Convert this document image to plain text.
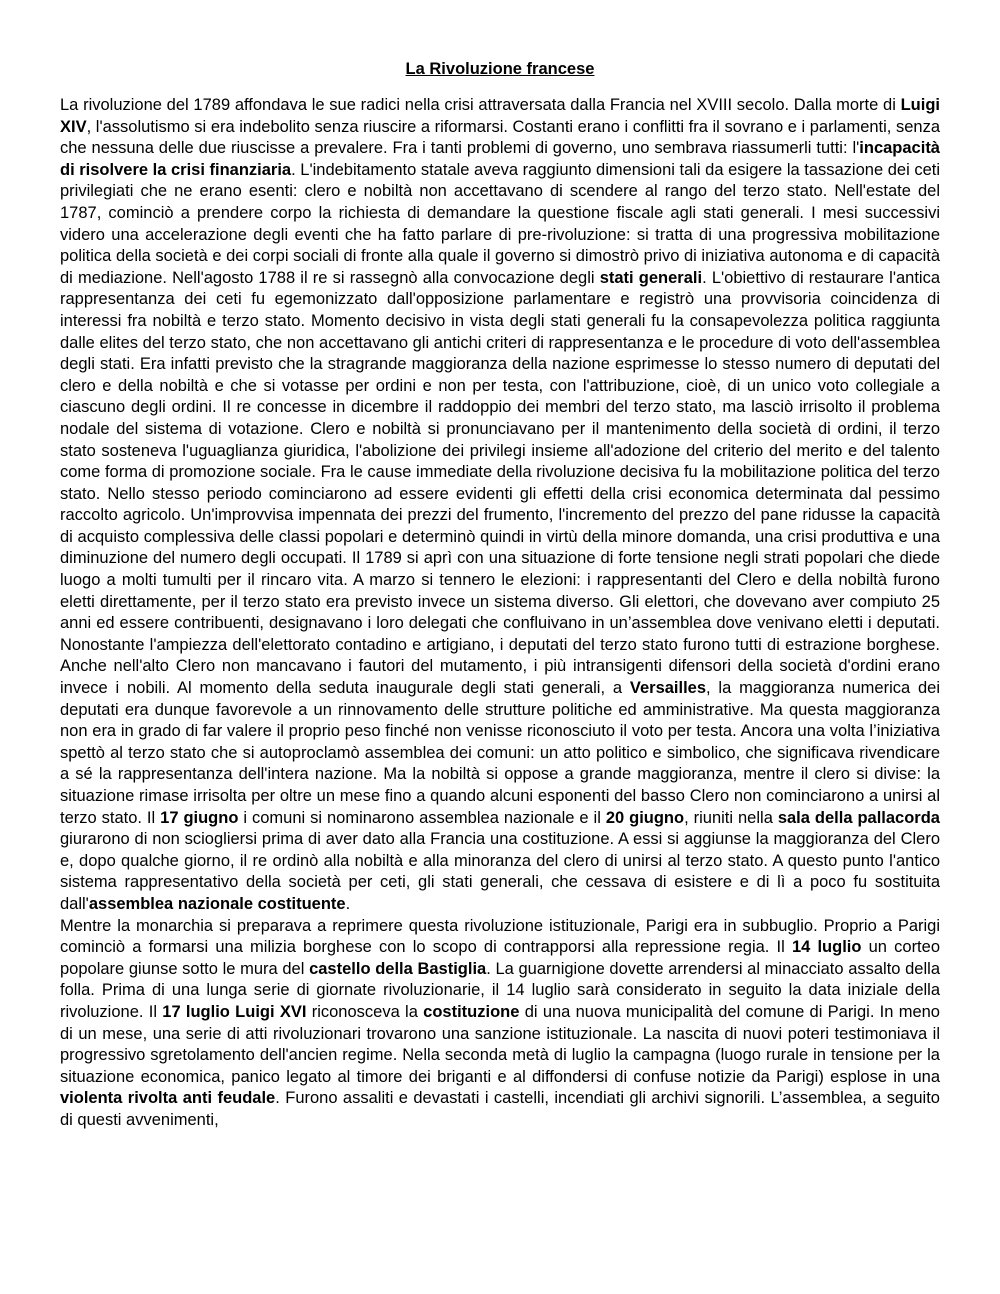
La Rivoluzione francese

La rivoluzione del 1789 affondava le sue radici nella crisi attraversata dalla Francia nel XVIII secolo. Dalla morte di Luigi XIV, l'assolutismo si era indebolito senza riuscire a riformarsi. Costanti erano i conflitti fra il sovrano e i parlamenti, senza che nessuna delle due riuscisse a prevalere. Fra i tanti problemi di governo, uno sembrava riassumerli tutti: l'incapacità di risolvere la crisi finanziaria. L'indebitamento statale aveva raggiunto dimensioni tali da esigere la tassazione dei ceti privilegiati che ne erano esenti: clero e nobiltà non accettavano di scendere al rango del terzo stato. Nell'estate del 1787, cominciò a prendere corpo la richiesta di demandare la questione fiscale agli stati generali. I mesi successivi videro una accelerazione degli eventi che ha fatto parlare di pre-rivoluzione: si tratta di una progressiva mobilitazione politica della società e dei corpi sociali di fronte alla quale il governo si dimostrò privo di iniziativa autonoma e di capacità di mediazione. Nell'agosto 1788 il re si rassegnò alla convocazione degli stati generali. L'obiettivo di restaurare l'antica rappresentanza dei ceti fu egemonizzato dall'opposizione parlamentare e registrò una provvisoria coincidenza di interessi fra nobiltà e terzo stato. Momento decisivo in vista degli stati generali fu la consapevolezza politica raggiunta dalle elites del terzo stato, che non accettavano gli antichi criteri di rappresentanza e le procedure di voto dell'assemblea degli stati. Era infatti previsto che la stragrande maggioranza della nazione esprimesse lo stesso numero di deputati del clero e della nobiltà e che si votasse per ordini e non per testa, con l'attribuzione, cioè, di un unico voto collegiale a ciascuno degli ordini. Il re concesse in dicembre il raddoppio dei membri del terzo stato, ma lasciò irrisolto il problema nodale del sistema di votazione. Clero e nobiltà si pronunciavano per il mantenimento della società di ordini, il terzo stato sosteneva l'uguaglianza giuridica, l'abolizione dei privilegi insieme all'adozione del criterio del merito e del talento come forma di promozione sociale. Fra le cause immediate della rivoluzione decisiva fu la mobilitazione politica del terzo stato. Nello stesso periodo cominciarono ad essere evidenti gli effetti della crisi economica determinata dal pessimo raccolto agricolo. Un'improvvisa impennata dei prezzi del frumento, l'incremento del prezzo del pane ridusse la capacità di acquisto complessiva delle classi popolari e determinò quindi in virtù della minore domanda, una crisi produttiva e una diminuzione del numero degli occupati. Il 1789 si aprì con una situazione di forte tensione negli strati popolari che diede luogo a molti tumulti per il rincaro vita. A marzo si tennero le elezioni: i rappresentanti del Clero e della nobiltà furono eletti direttamente, per il terzo stato era previsto invece un sistema diverso. Gli elettori, che dovevano aver compiuto 25 anni ed essere contribuenti, designavano i loro delegati che confluivano in un’assemblea dove venivano eletti i deputati. Nonostante l'ampiezza dell'elettorato contadino e artigiano, i deputati del terzo stato furono tutti di estrazione borghese. Anche nell'alto Clero non mancavano i fautori del mutamento, i più intransigenti difensori della società d'ordini erano invece i nobili. Al momento della seduta inaugurale degli stati generali, a Versailles, la maggioranza numerica dei deputati era dunque favorevole a un rinnovamento delle strutture politiche ed amministrative. Ma questa maggioranza non era in grado di far valere il proprio peso finché non venisse riconosciuto il voto per testa. Ancora una volta l’iniziativa spettò al terzo stato che si autoproclamò assemblea dei comuni: un atto politico e simbolico, che significava rivendicare a sé la rappresentanza dell'intera nazione. Ma la nobiltà si oppose a grande maggioranza, mentre il clero si divise: la situazione rimase irrisolta per oltre un mese fino a quando alcuni esponenti del basso Clero non cominciarono a unirsi al terzo stato. Il 17 giugno i comuni si nominarono assemblea nazionale e il 20 giugno, riuniti nella sala della pallacorda giurarono di non sciogliersi prima di aver dato alla Francia una costituzione. A essi si aggiunse la maggioranza del Clero e, dopo qualche giorno, il re ordinò alla nobiltà e alla minoranza del clero di unirsi al terzo stato. A questo punto l'antico sistema rappresentativo della società per ceti, gli stati generali, che cessava di esistere e di lì a poco fu sostituita dall'assemblea nazionale costituente.

Mentre la monarchia si preparava a reprimere questa rivoluzione istituzionale, Parigi era in subbuglio. Proprio a Parigi cominciò a formarsi una milizia borghese con lo scopo di contrapporsi alla repressione regia. Il 14 luglio un corteo popolare giunse sotto le mura del castello della Bastiglia. La guarnigione dovette arrendersi al minacciato assalto della folla. Prima di una lunga serie di giornate rivoluzionarie, il 14 luglio sarà considerato in seguito la data iniziale della rivoluzione. Il 17 luglio Luigi XVI riconosceva la costituzione di una nuova municipalità del comune di Parigi. In meno di un mese, una serie di atti rivoluzionari trovarono una sanzione istituzionale. La nascita di nuovi poteri testimoniava il progressivo sgretolamento dell'ancien regime. Nella seconda metà di luglio la campagna (luogo rurale in tensione per la situazione economica, panico legato al timore dei briganti e al diffondersi di confuse notizie da Parigi) esplose in una violenta rivolta anti feudale. Furono assaliti e devastati i castelli, incendiati gli archivi signorili. L’assemblea, a seguito di questi avvenimenti,
